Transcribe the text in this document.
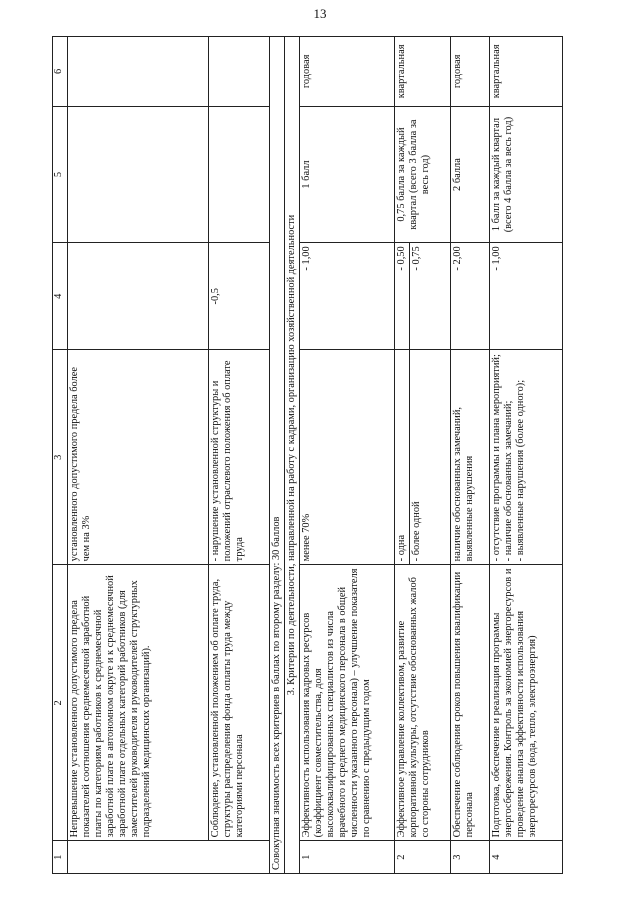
13
1	2	3	4	5	6
	Непревышение установленного допустимого предела показателей соотношения среднемесячной заработной платы по категориям работников к среднемесячной заработной плате в автономном округе и к среднемесячной заработной плате отдельных категорий работников (для заместителей руководителя и руководителей структурных подразделений медицинских организаций).	установленного допустимого предела более чем на 3%			
	Соблюдение, установленной положением об оплате труда, структуры распределения фонда оплаты труда между категориями персонала	- нарушение установленной структуры и положений отраслевого положения об оплате труда	-0,5		
Совокупная значимость всех критериев в баллах по второму разделу: 30 баллов					
3. Критерии по деятельности, направленной на работу с кадрами, организацию хозяйственной деятельности					
1	Эффективность использования кадровых ресурсов (коэффициент совместительства, доля высококвалифицированных специалистов из числа врачебного и среднего медицинского персонала в общей численности указанного персонала) – улучшение показателя по сравнению с предыдущим годом	менее 70%	- 1,00	1 балл	годовая
2	Эффективное управление коллективом, развитие корпоративной культуры, отсутствие обоснованных жалоб со стороны сотрудников	- одна	- 0,50	0,75 балла за каждый квартал (всего 3 балла за весь год)	квартальная
		- более одной	- 0,75		
3	Обеспечение соблюдения сроков повышения квалификации персонала	наличие обоснованных замечаний, выявленные нарушения	- 2,00	2 балла	годовая
4	Подготовка, обеспечение и реализация программы энергосбережения. Контроль за экономией энергоресурсов и проведение анализа эффективности использования энергоресурсов (вода, тепло, электроэнергия)	- отсутствие программы и плана мероприятий;
- наличие обоснованных замечаний;
- выявленные нарушения (более одного);	- 1,00	1 балл за каждый квартал (всего 4 балла за весь год)	квартальная
